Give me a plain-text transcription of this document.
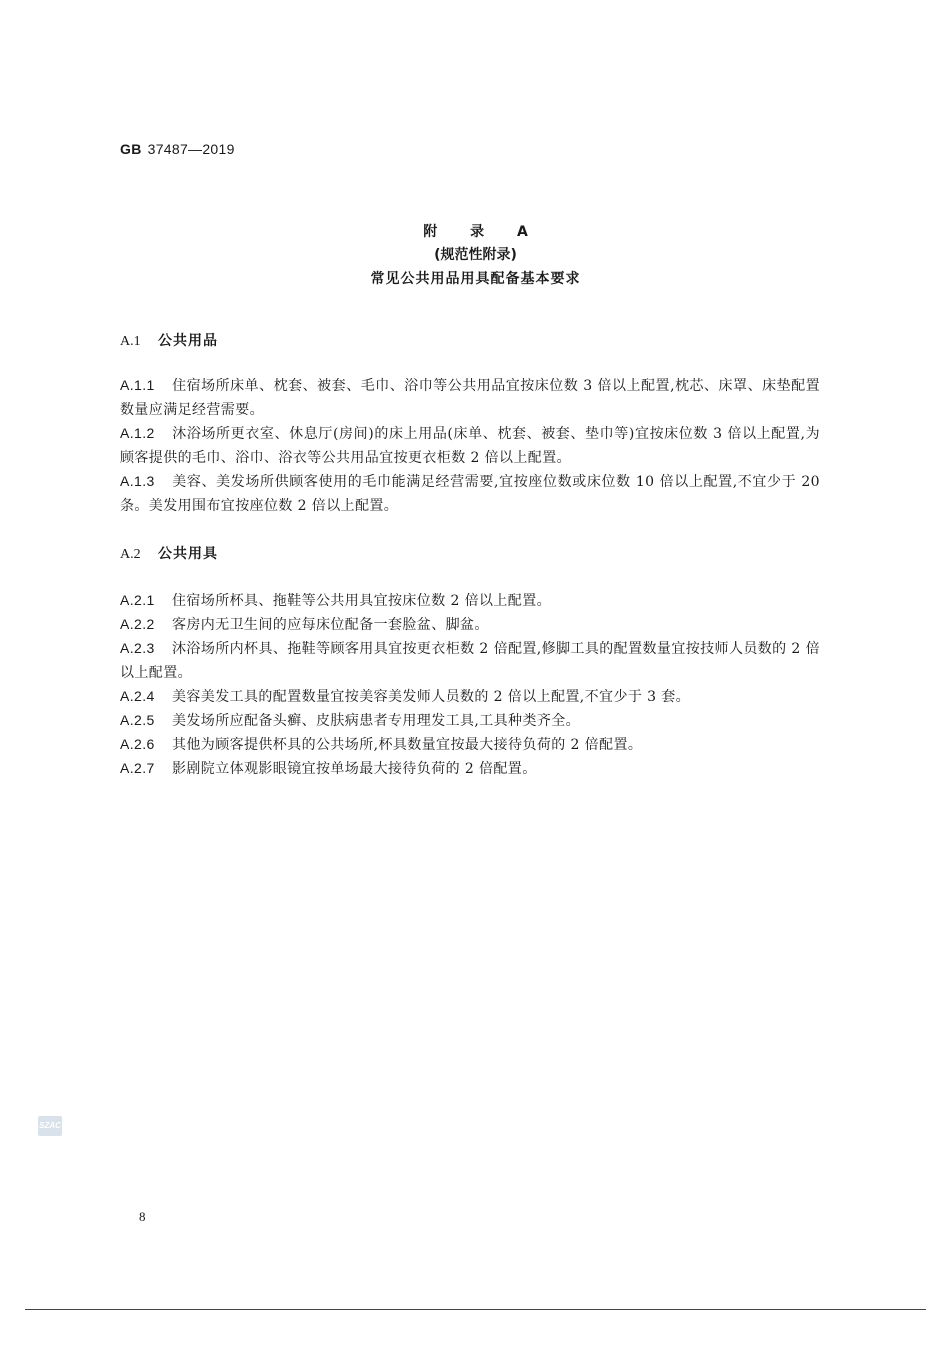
GB 37487—2019
附 录 A
(规范性附录)
常见公共用品用具配备基本要求
A.1 公共用品
A.1.1 住宿场所床单、枕套、被套、毛巾、浴巾等公共用品宜按床位数 3 倍以上配置,枕芯、床罩、床垫配置数量应满足经营需要。
A.1.2 沐浴场所更衣室、休息厅(房间)的床上用品(床单、枕套、被套、垫巾等)宜按床位数 3 倍以上配置,为顾客提供的毛巾、浴巾、浴衣等公共用品宜按更衣柜数 2 倍以上配置。
A.1.3 美容、美发场所供顾客使用的毛巾能满足经营需要,宜按座位数或床位数 10 倍以上配置,不宜少于 20 条。美发用围布宜按座位数 2 倍以上配置。
A.2 公共用具
A.2.1 住宿场所杯具、拖鞋等公共用具宜按床位数 2 倍以上配置。
A.2.2 客房内无卫生间的应每床位配备一套脸盆、脚盆。
A.2.3 沐浴场所内杯具、拖鞋等顾客用具宜按更衣柜数 2 倍配置,修脚工具的配置数量宜按技师人员数的 2 倍以上配置。
A.2.4 美容美发工具的配置数量宜按美容美发师人员数的 2 倍以上配置,不宜少于 3 套。
A.2.5 美发场所应配备头癣、皮肤病患者专用理发工具,工具种类齐全。
A.2.6 其他为顾客提供杯具的公共场所,杯具数量宜按最大接待负荷的 2 倍配置。
A.2.7 影剧院立体观影眼镜宜按单场最大接待负荷的 2 倍配置。
SZAC
8
